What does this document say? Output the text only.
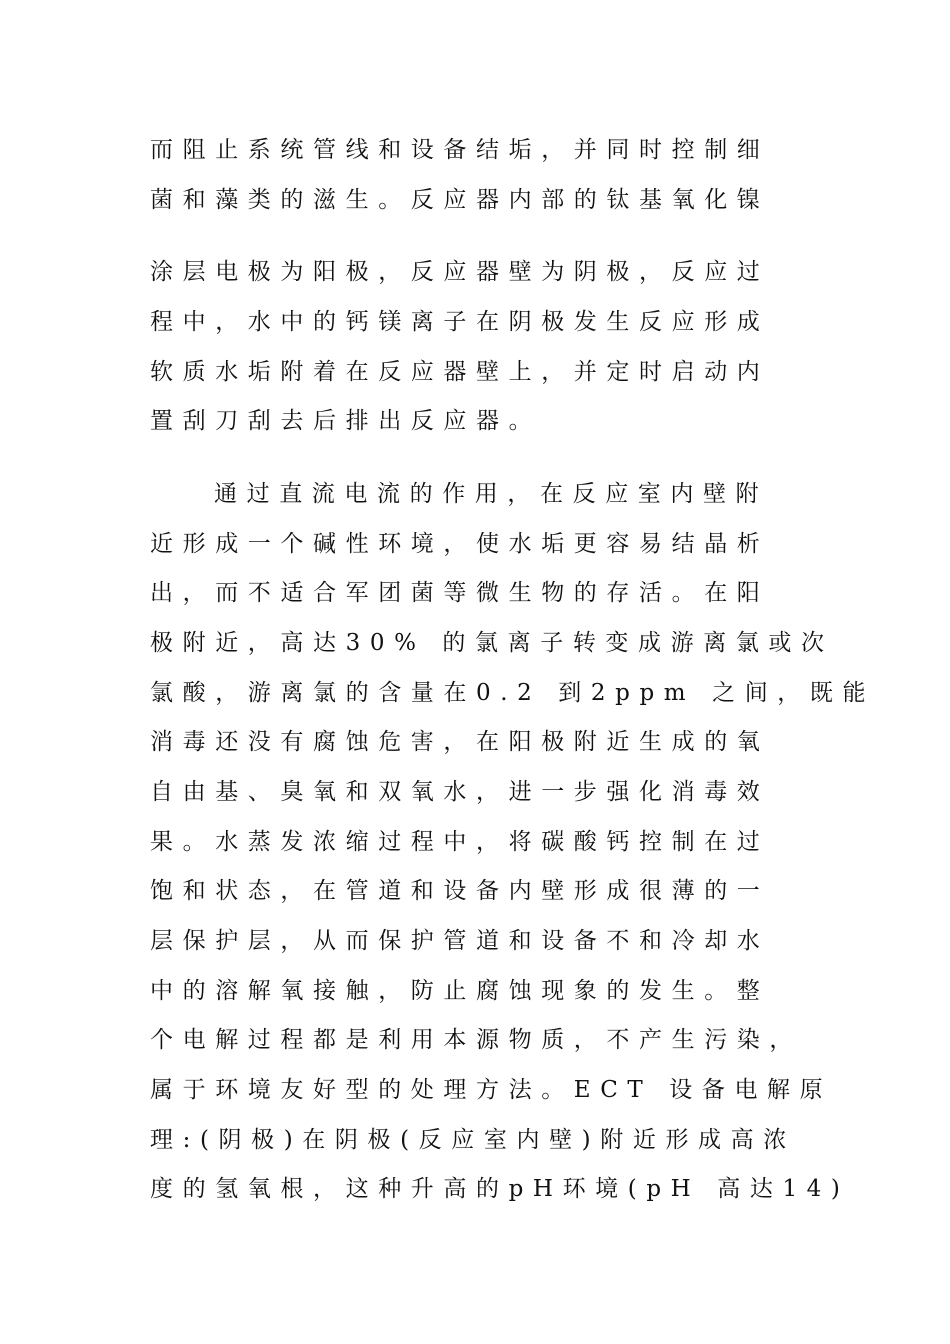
而阻止系统管线和设备结垢，并同时控制细
菌和藻类的滋生。反应器内部的钛基氧化镍
涂层电极为阳极，反应器壁为阴极，反应过
程中，水中的钙镁离子在阴极发生反应形成
软质水垢附着在反应器壁上，并定时启动内
置刮刀刮去后排出反应器。
通过直流电流的作用，在反应室内壁附
近形成一个碱性环境，使水垢更容易结晶析
出，而不适合军团菌等微生物的存活。在阳
极附近，高达30% 的氯离子转变成游离氯或次
氯酸，游离氯的含量在0.2 到2ppm 之间，既能
消毒还没有腐蚀危害，在阳极附近生成的氧
自由基、臭氧和双氧水，进一步强化消毒效
果。水蒸发浓缩过程中，将碳酸钙控制在过
饱和状态，在管道和设备内壁形成很薄的一
层保护层，从而保护管道和设备不和冷却水
中的溶解氧接触，防止腐蚀现象的发生。整
个电解过程都是利用本源物质，不产生污染，
属于环境友好型的处理方法。ECT 设备电解原
理:(阴极)在阴极(反应室内壁)附近形成高浓
度的氢氧根，这种升高的pH环境(pH 高达14)
